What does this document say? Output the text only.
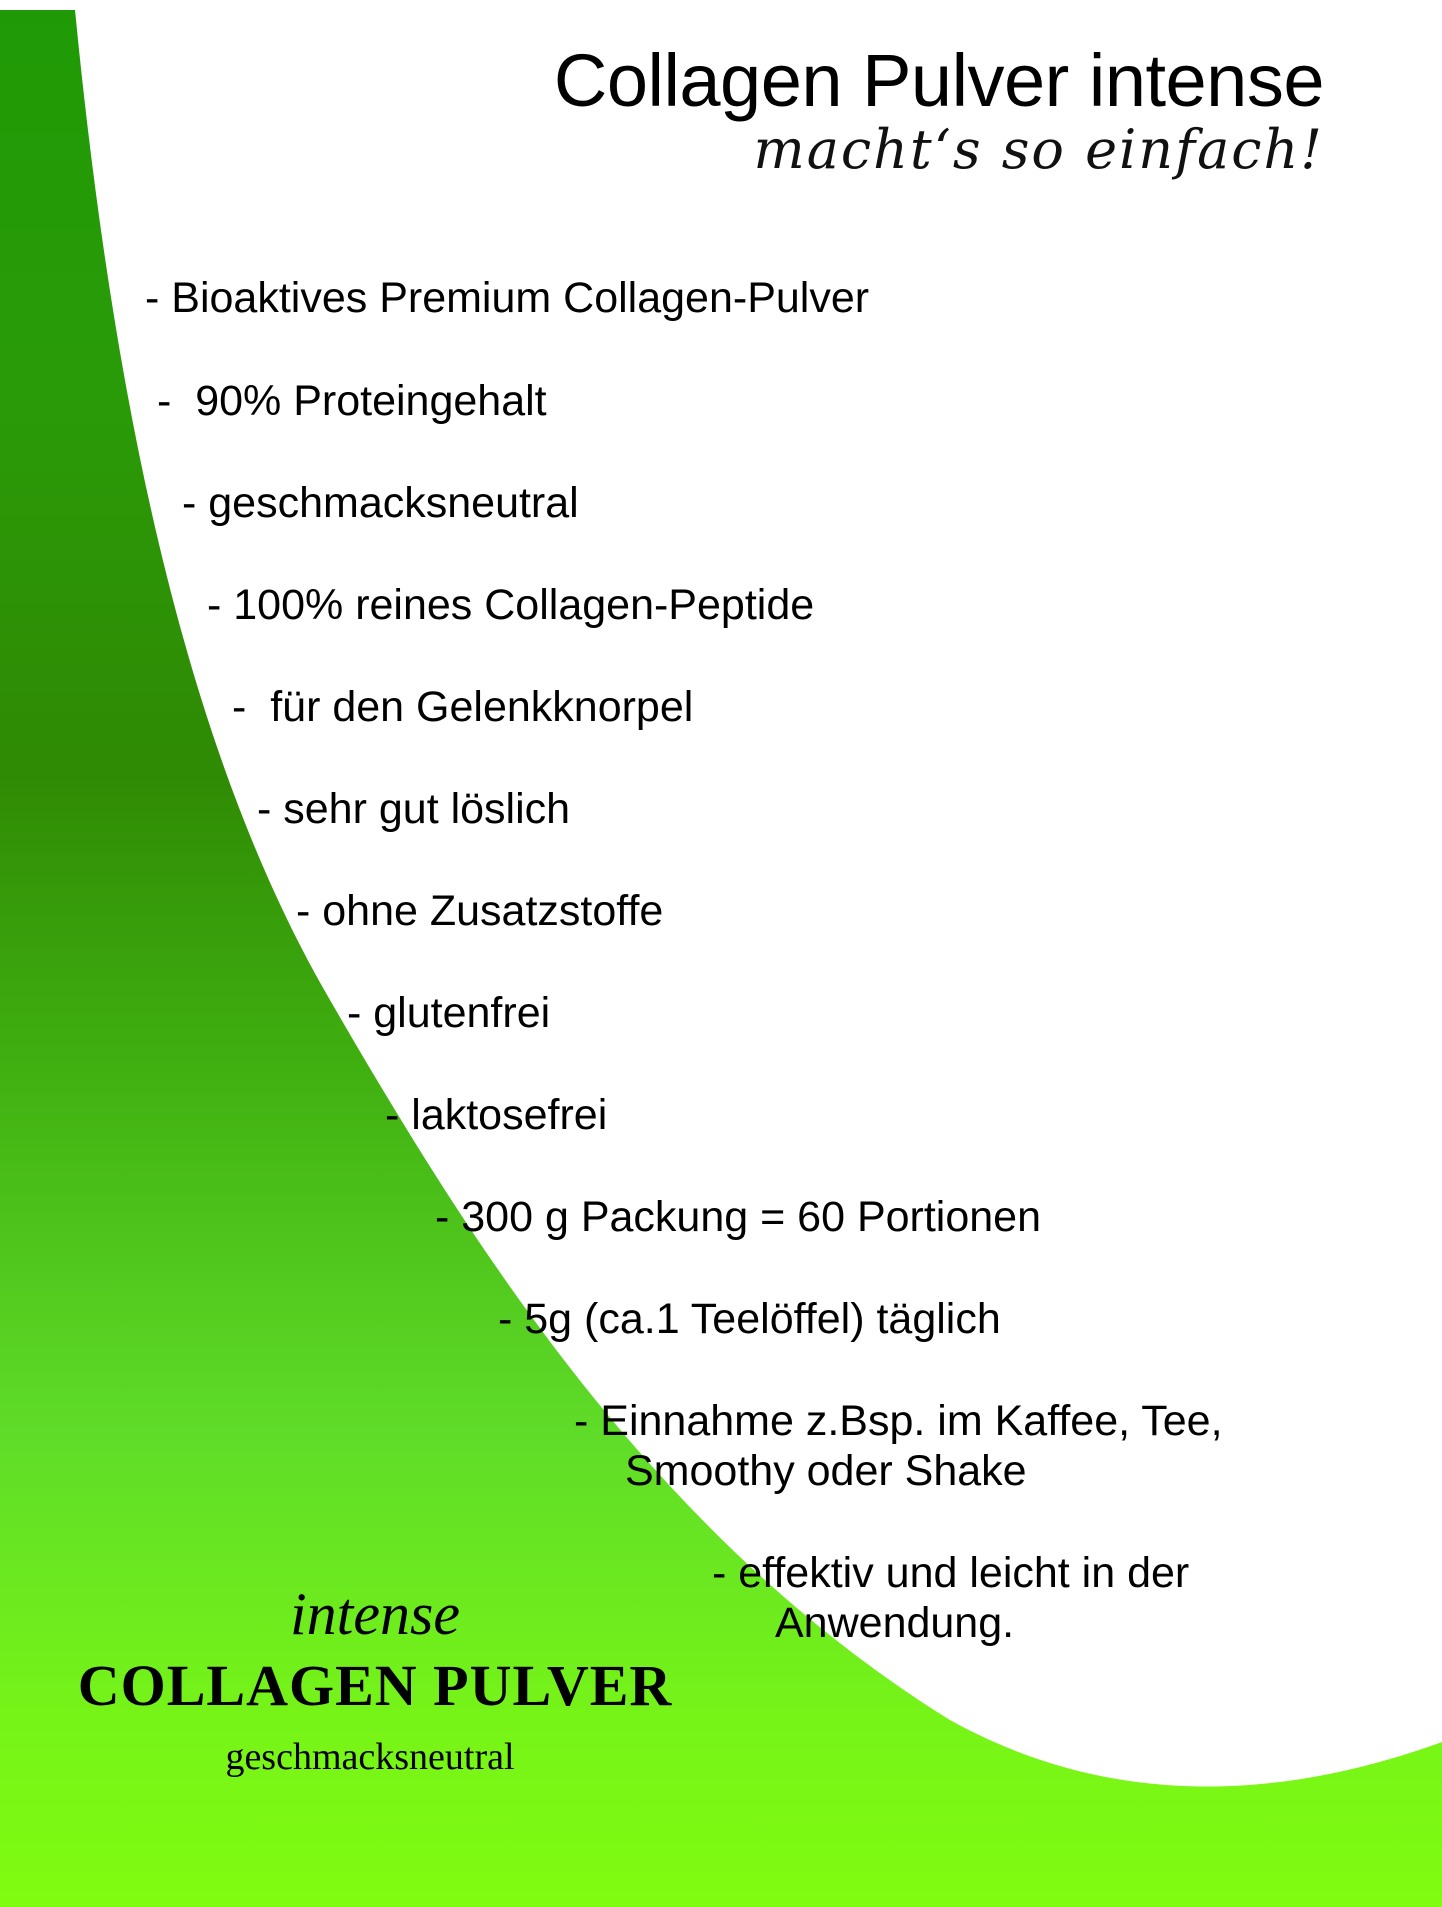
Collagen Pulver intense
macht‘s so einfach!
- Bioaktives Premium Collagen-Pulver
-  90% Proteingehalt
- geschmacksneutral
- 100% reines Collagen-Peptide
-  für den Gelenkknorpel
- sehr gut löslich
- ohne Zusatzstoffe
- glutenfrei
- laktosefrei
- 300 g Packung = 60 Portionen
- 5g (ca.1 Teelöffel) täglich
- Einnahme z.Bsp. im Kaffee, Tee,
Smoothy oder Shake
- effektiv und leicht in der
Anwendung.
intense
COLLAGEN PULVER
geschmacksneutral
